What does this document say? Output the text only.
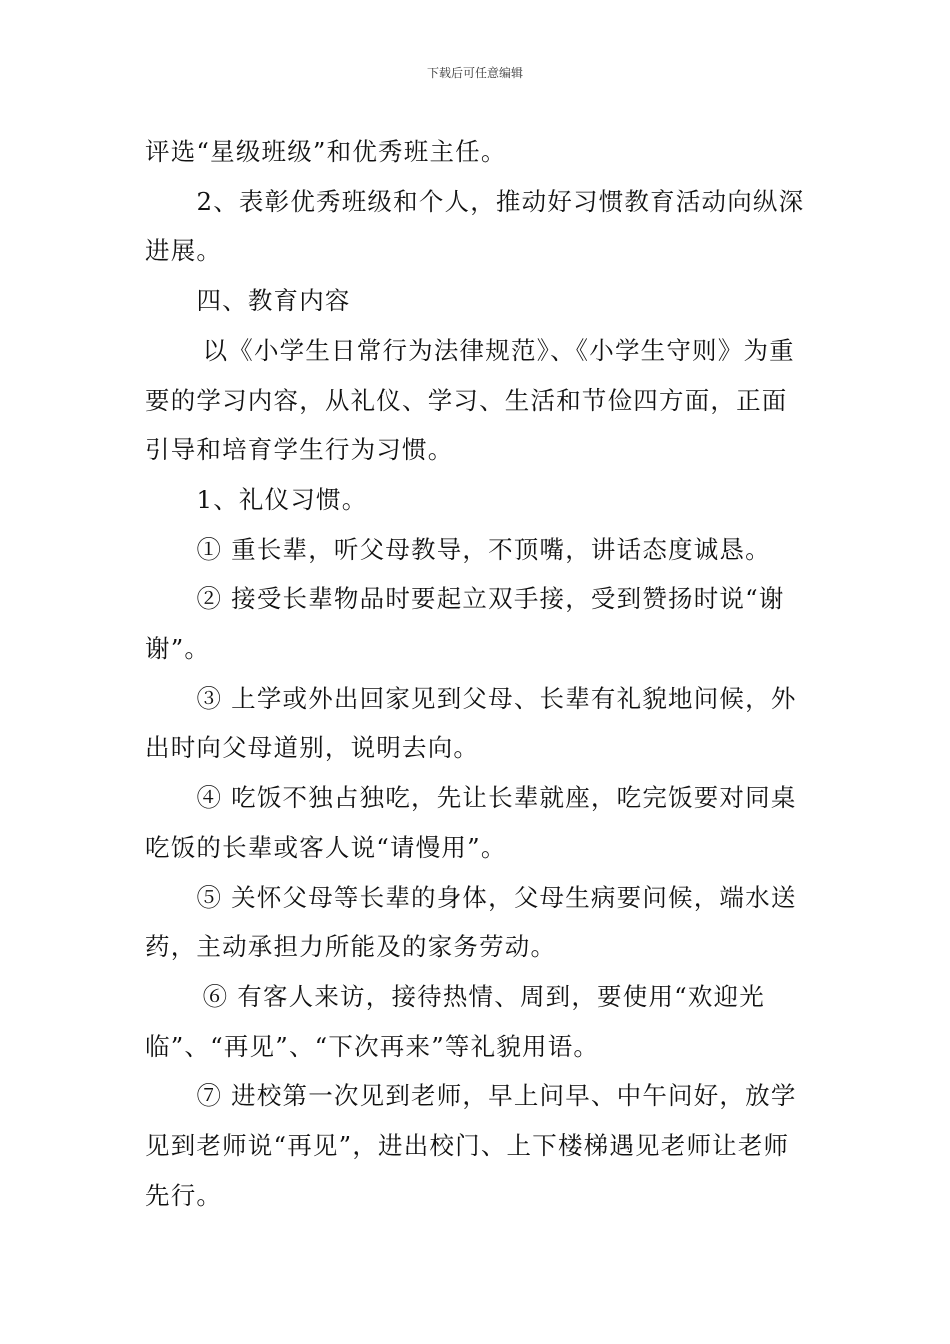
下载后可任意编辑

评选“星级班级”和优秀班主任。

2、表彰优秀班级和个人，推动好习惯教育活动向纵深进展。

四、教育内容

以《小学生日常行为法律规范》、《小学生守则》为重要的学习内容，从礼仪、学习、生活和节俭四方面，正面引导和培育学生行为习惯。

1、礼仪习惯。

① 重长辈，听父母教导，不顶嘴，讲话态度诚恳。

② 接受长辈物品时要起立双手接，受到赞扬时说“谢谢”。

③ 上学或外出回家见到父母、长辈有礼貌地问候，外出时向父母道别，说明去向。

④ 吃饭不独占独吃，先让长辈就座，吃完饭要对同桌吃饭的长辈或客人说“请慢用”。

⑤ 关怀父母等长辈的身体，父母生病要问候，端水送药，主动承担力所能及的家务劳动。

⑥ 有客人来访，接待热情、周到，要使用“欢迎光临”、“再见”、“下次再来”等礼貌用语。

⑦ 进校第一次见到老师，早上问早、中午问好，放学见到老师说“再见”，进出校门、上下楼梯遇见老师让老师先行。
